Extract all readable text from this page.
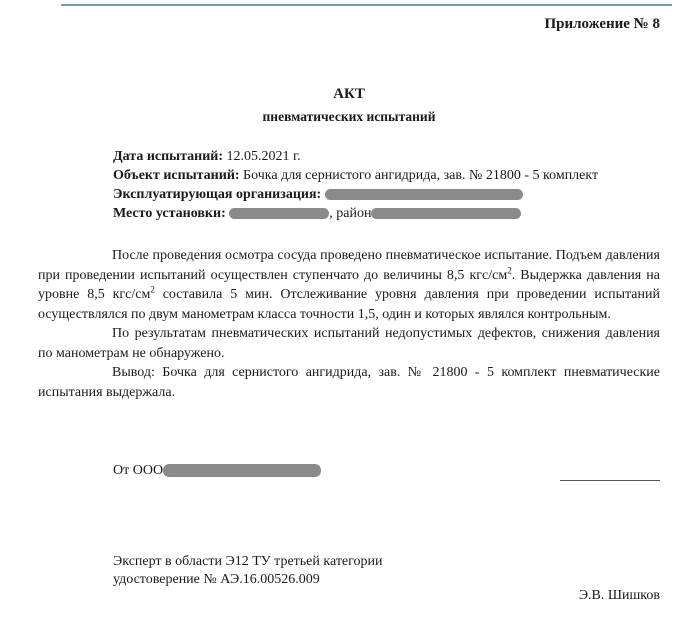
Приложение № 8
АКТ
пневматических испытаний
Дата испытаний: 12.05.2021 г.
Объект испытаний: Бочка для сернистого ангидрида, зав. № 21800 - 5 комплект
Эксплуатирующая организация:
Место установки:	, район

После проведения осмотра сосуда проведено пневматическое испытание. Подъем давления при проведении испытаний осуществлен ступенчато до величины 8,5 кгс/$см^2$. Выдержка давления на уровне 8,5 кгс/$см^2$ составила 5 мин. Отслеживание уровня давления при проведении испытаний осуществлялся по двум манометрам класса точности 1,5, один и которых являлся контрольным.

По результатам пневматических испытаний недопустимых дефектов, снижения давления по манометрам не обнаружено.

Вывод: Бочка для сернистого ангидрида, зав. № 21800 - 5 комплект пневматические испытания выдержала.

От ООО
Эксперт в области Э12 ТУ третьей категории
удостоверение № АЭ.16.00526.009
Э.В. Шишков
